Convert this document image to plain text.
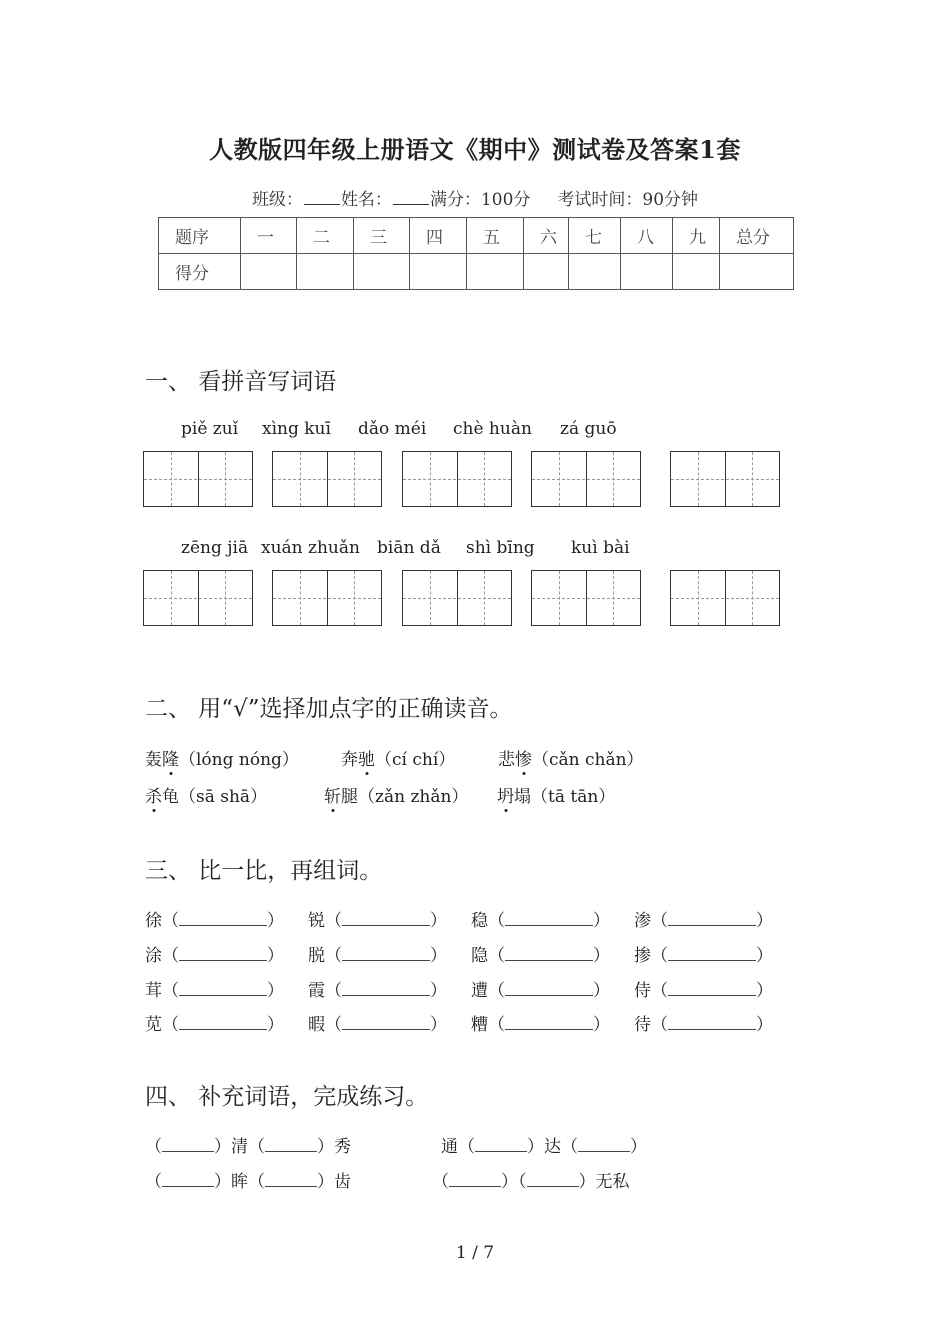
人教版四年级上册语文《期中》测试卷及答案1套
班级： 姓名： 满分：100分 考试时间：90分钟
题序	一	二	三	四	五	六	七	八	九	总分
得分										
一、 看拼音写词语
piě zuǐ xìng kuī dǎo méi chè huàn zá guō
zēng jiā xuán zhuǎn biān dǎ shì bīng kuì bài
二、 用“√”选择加点字的正确读音。
轰隆（lóng nóng） 奔驰（cí chí）	悲惨（cǎn chǎn）
杀龟（sā shā）	斩腿（zǎn zhǎn） 坍塌（tā tān）
三、 比一比，再组词。
徐（	） 锐（	） 稳（	） 渗（	）
涂（	） 脱（	） 隐（	） 掺（	）
茸（	） 霞（	） 遭（	） 侍（	）
苋（	） 暇（	） 糟（	） 待（	）
四、 补充词语，完成练习。
（	）清（	）秀	通（	）达（	）
（	）眸（	）齿	（	）（	）无私
1 / 7
